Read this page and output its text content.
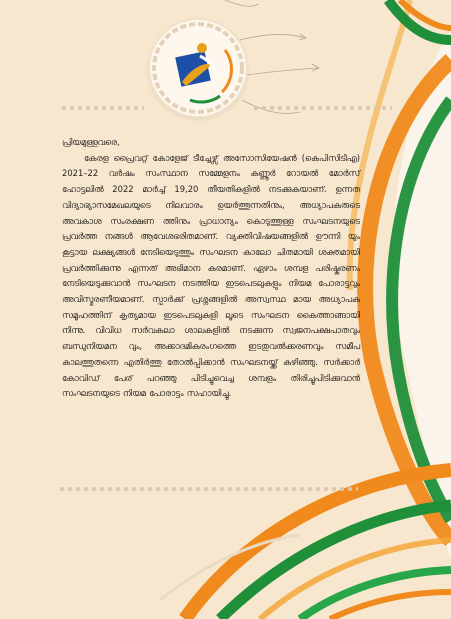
പ്രിയമുള്ളവരെ,

കേരള പ്രൈവറ്റ് കോളേജ് ടീച്ചേഴ്സ് അസോസിയേഷൻ (കെപിസിടിഎ) 2021–22 വർഷം സംസ്ഥാന സമ്മേളനം കണ്ണൂർ റോയൽ മോർസ് ഹോട്ടലിൽ 2022 മാർച്ച് 19,20 തീയതികളിൽ നടക്കുകയാണ്. ഉന്നത വിദ്യാഭ്യാസമേഖലയുടെ നിലവാരം ഉയർത്തുന്നതിനും, അധ്യാപകരുടെ അവകാശ സംരക്ഷണ ത്തിനും പ്രാധാന്യം കൊടുത്തുള്ള സംഘടനയുടെ പ്രവർത്ത നങ്ങൾ ആവേശഭരിതമാണ്. വ്യക്തിവിഷയങ്ങളിൽ ഊന്നി യും കൂട്ടായ ലക്ഷ്യങ്ങൾ നേടിയെടുത്തും സംഘടന കാലോ ചിതമായി ശക്തമായി പ്രവർത്തിക്കുന്നു എന്നത് അഭിമാന കരമാണ്. ഏഴാം ശമ്പള പരിഷ്കരണം നേടിയെടുക്കുവാൻ സംഘടന നടത്തിയ ഇടപെടലുകളും നിയമ പോരാട്ടവും അവിസ്മരണീയമാണ്. സ്പാർക്ക് പ്രശ്നങ്ങളിൽ അസ്വസ്ഥ മായ അധ്യാപക സമൂഹത്തിന് കൃത്യമായ ഇടപെടലുകളി ലൂടെ സംഘടന കൈത്താങ്ങായി നിന്നു. വിവിധ സർവകലാ ശാലകളിൽ നടക്കുന്ന സ്വജനപക്ഷപാതവും ബന്ധുനിയമന വും, അക്കാദമികരംഗത്തെ ഇടതുവൽക്കരണവും സമീപ കാലത്തുതന്നെ എതിർത്തു തോൽപ്പിക്കാൻ സംഘടനയ്ക്ക് കഴിഞ്ഞു. സർക്കാർ കോവിഡ് പേര് പറഞ്ഞു പിടിച്ചുവെച്ച ശമ്പളം തിരിച്ചുപിടിക്കുവാൻ സംഘടനയുടെ നിയമ പോരാട്ടം സഹായിച്ചു.
